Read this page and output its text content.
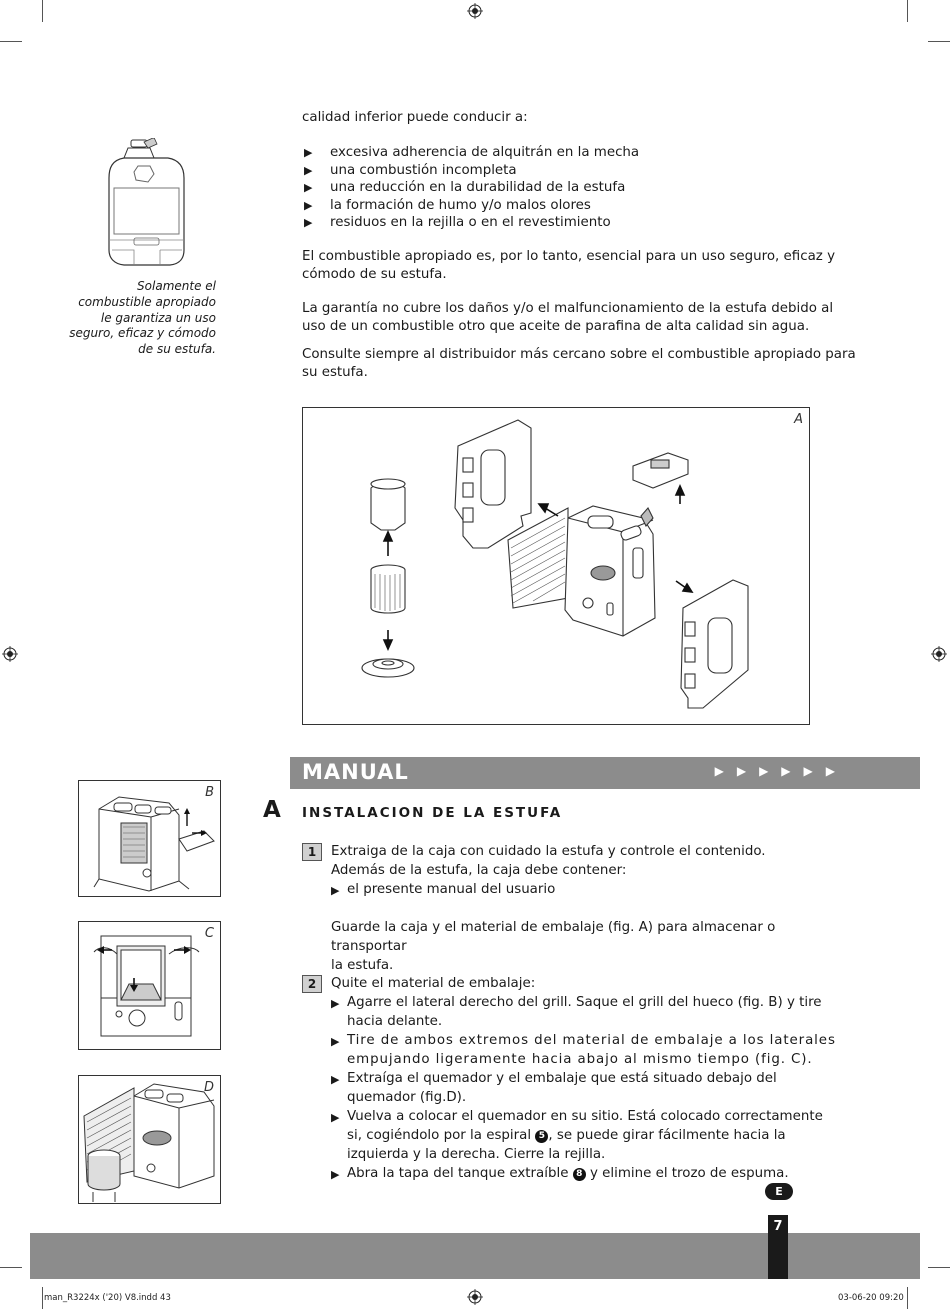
Solamente el
combustible apropiado
le garantiza un uso
seguro, eficaz y cómodo
de su estufa.
calidad inferior puede conducir a:
▶ excesiva adherencia de alquitrán en la mecha
▶ una combustión incompleta
▶ una reducción en la durabilidad de la estufa
▶ la formación de humo y/o malos olores
▶ residuos en la rejilla o en el revestimiento
El combustible apropiado es, por lo tanto, esencial para un uso seguro, eficaz y
cómodo de su estufa.
La garantía no cubre los daños y/o el malfuncionamiento de la estufa debido al
uso de un combustible otro que aceite de parafina de alta calidad sin agua.
Consulte siempre al distribuidor más cercano sobre el combustible apropiado para
su estufa.
A
B
C
D
MANUAL	▶▶▶▶▶▶
A INSTALACION DE LA ESTUFA
1	Extraiga de la caja con cuidado la estufa y controle el contenido.

Además de la estufa, la caja debe contener:

▶ el presente manual del usuario

Guarde la caja y el material de embalaje (fig. A) para almacenar o transportar

la estufa.

2	Quite el material de embalaje:

▶ Agarre el lateral derecho del grill. Saque el grill del hueco (fig. B) y tire hacia delante.

▶ Tire de ambos extremos del material de embalaje a los laterales empujando ligeramente hacia abajo al mismo tiempo (fig. C).

▶ Extraíga el quemador y el embalaje que está situado debajo del quemador (fig.D).

▶ Vuelva a colocar el quemador en su sitio. Está colocado correctamente si, cogiéndolo por la espiral 5 , se puede girar fácilmente hacia la izquierda y la derecha. Cierre la rejilla.

▶ Abra la tapa del tanque extraíble 8 y elimine el trozo de espuma.

E
7
man_R3224x ('20) V8.indd 43	03-06-20 09:20
